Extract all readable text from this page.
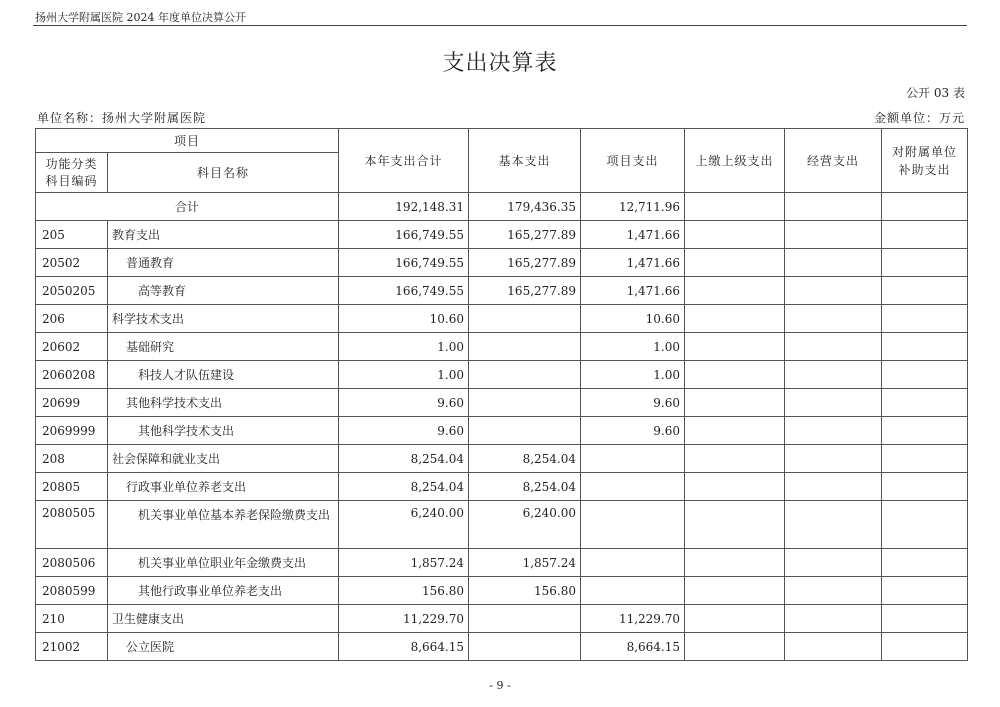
扬州大学附属医院 2024 年度单位决算公开
支出决算表
公开 03 表
单位名称：扬州大学附属医院	金额单位：万元
项目		本年支出合计	基本支出	项目支出	上缴上级支出	经营支出	对附属单位补助支出
功能分类科目编码	科目名称						
合计		192,148.31	179,436.35	12,711.96			
205	教育支出	166,749.55	165,277.89	1,471.66			
20502	普通教育	166,749.55	165,277.89	1,471.66			
2050205	高等教育	166,749.55	165,277.89	1,471.66			
206	科学技术支出	10.60		10.60			
20602	基础研究	1.00		1.00			
2060208	科技人才队伍建设	1.00		1.00			
20699	其他科学技术支出	9.60		9.60			
2069999	其他科学技术支出	9.60		9.60			
208	社会保障和就业支出	8,254.04	8,254.04				
20805	行政事业单位养老支出	8,254.04	8,254.04				
2080505	机关事业单位基本养老保险缴费支出	6,240.00	6,240.00				
2080506	机关事业单位职业年金缴费支出	1,857.24	1,857.24				
2080599	其他行政事业单位养老支出	156.80	156.80				
210	卫生健康支出	11,229.70		11,229.70			
21002	公立医院	8,664.15		8,664.15			
- 9 -
